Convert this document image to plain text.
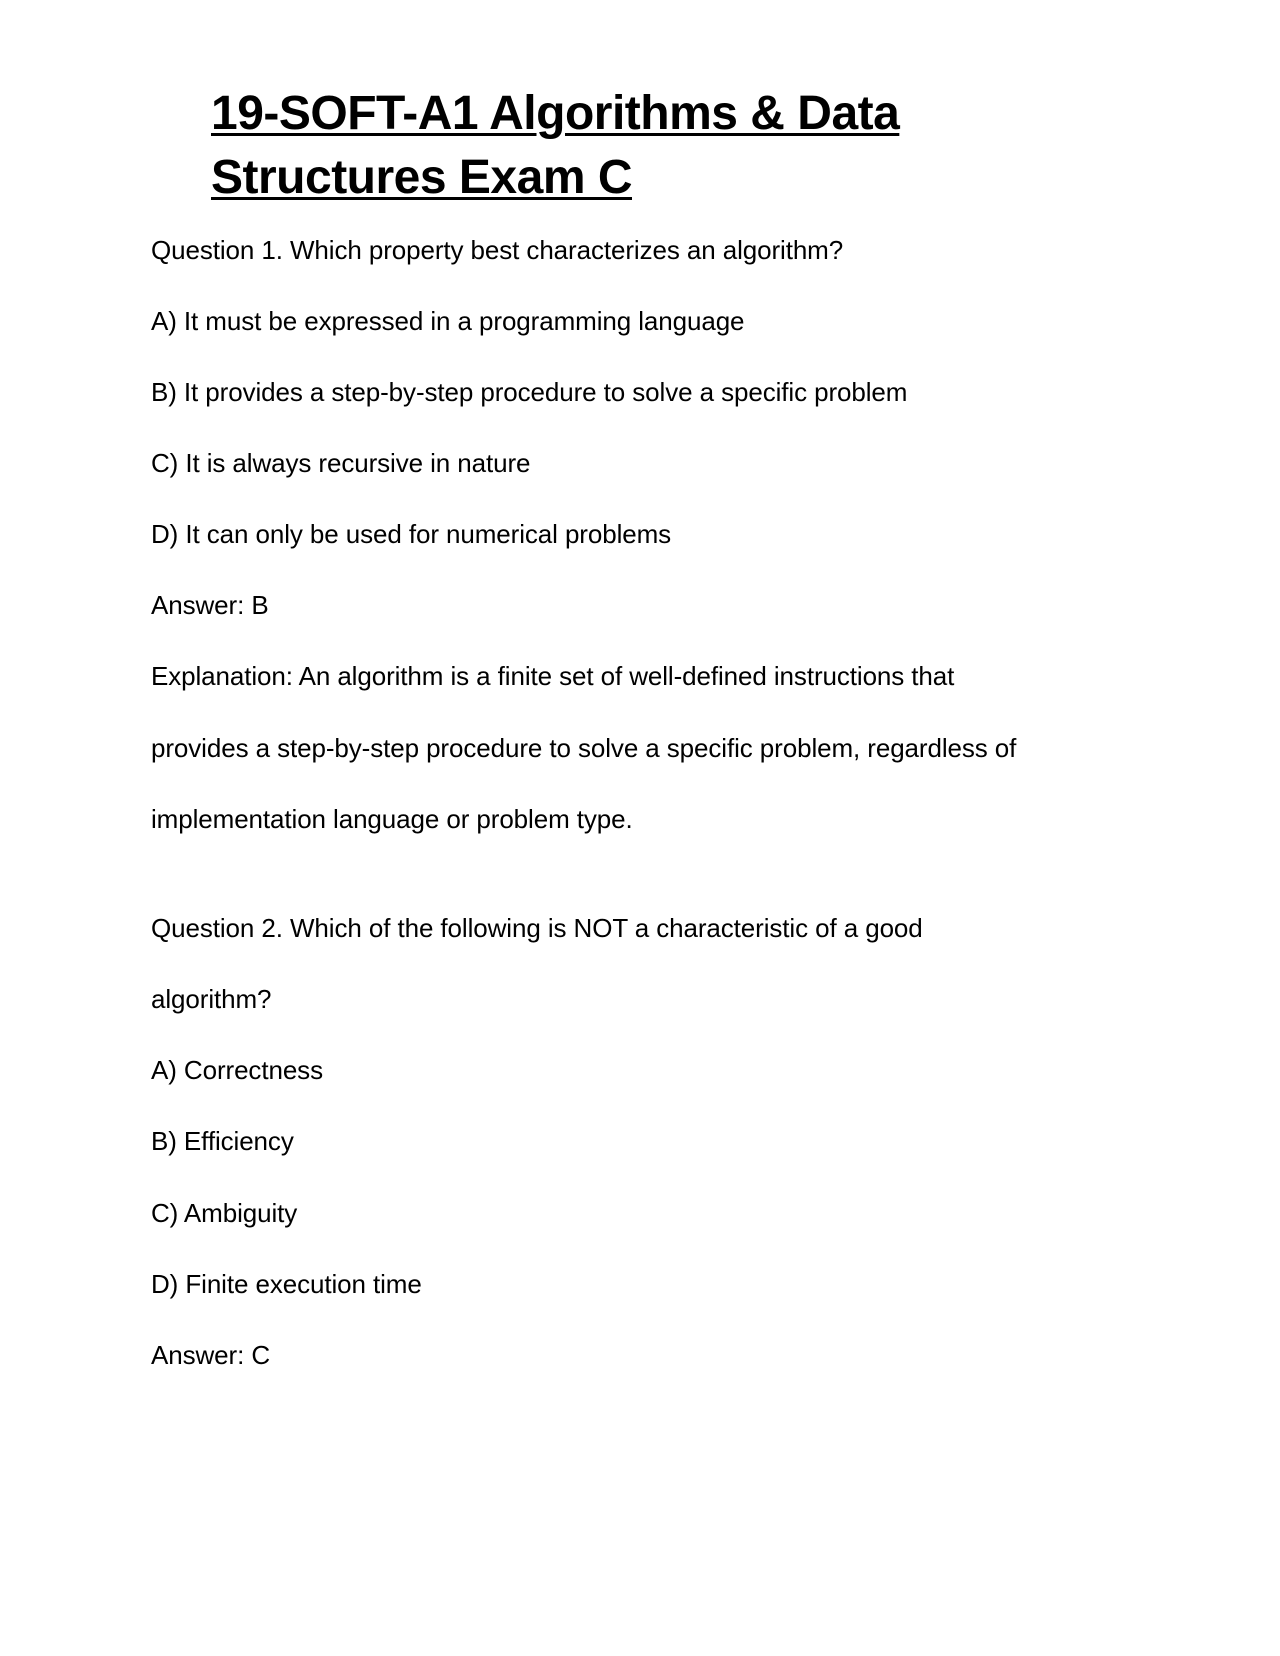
19-SOFT-A1 Algorithms & Data
Structures Exam C

Question 1. Which property best characterizes an algorithm?

A) It must be expressed in a programming language

B) It provides a step-by-step procedure to solve a specific problem

C) It is always recursive in nature

D) It can only be used for numerical problems

Answer: B

Explanation: An algorithm is a finite set of well-defined instructions that

provides a step-by-step procedure to solve a specific problem, regardless of

implementation language or problem type.

Question 2. Which of the following is NOT a characteristic of a good

algorithm?

A) Correctness

B) Efficiency

C) Ambiguity

D) Finite execution time

Answer: C
